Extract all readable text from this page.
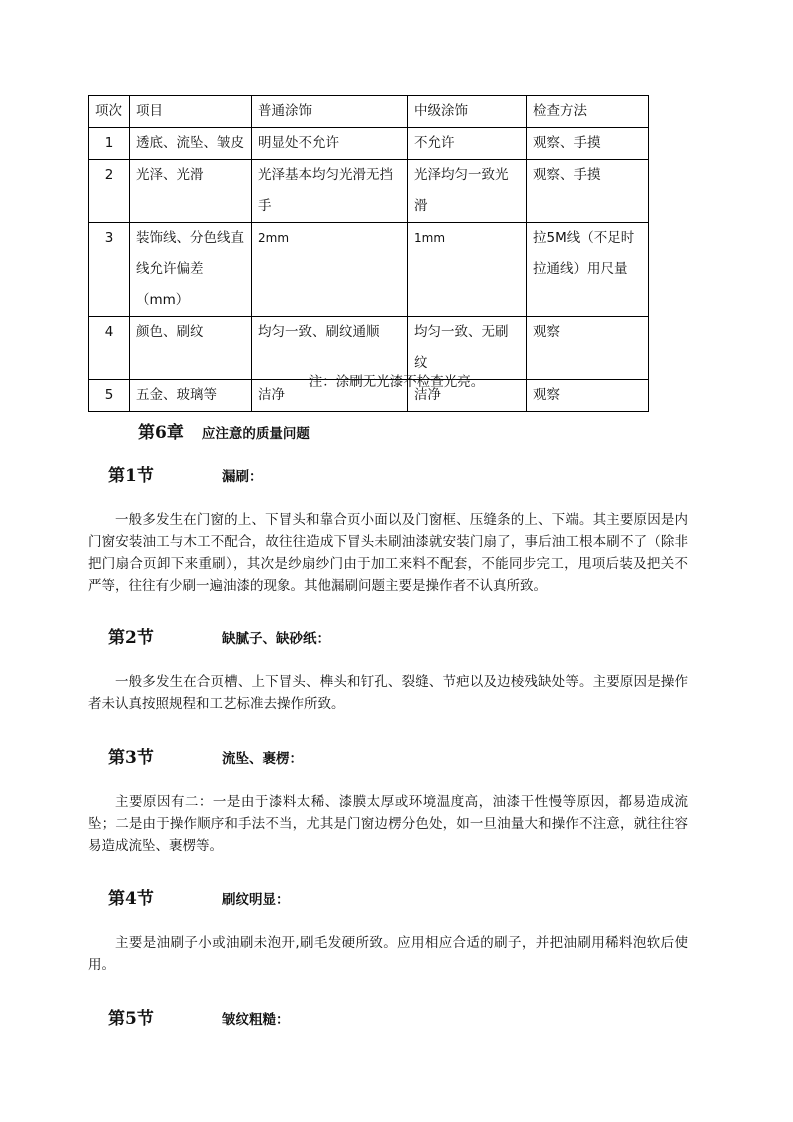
项次	项目	普通涂饰	中级涂饰	检查方法
1	透底、流坠、皱皮	明显处不允许	不允许	观察、手摸
2	光泽、光滑	光泽基本均匀光滑无挡手	光泽均匀一致光滑	观察、手摸
3	装饰线、分色线直线允许偏差（mm）	2mm	1mm	拉5M线（不足时拉通线）用尺量
4	颜色、刷纹	均匀一致、刷纹通顺	均匀一致、无刷纹	观察
5	五金、玻璃等	洁净	洁净	观察
注：涂刷无光漆不检查光亮。
第6章 应注意的质量问题
第1节	漏刷：
一般多发生在门窗的上、下冒头和靠合页小面以及门窗框、压缝条的上、下端。其主要原因是内门窗安装油工与木工不配合，故往往造成下冒头未刷油漆就安装门扇了，事后油工根本刷不了（除非把门扇合页卸下来重刷），其次是纱扇纱门由于加工来料不配套，不能同步完工，甩项后装及把关不严等，往往有少刷一遍油漆的现象。其他漏刷问题主要是操作者不认真所致。
第2节	缺腻子、缺砂纸：
一般多发生在合页槽、上下冒头、榫头和钉孔、裂缝、节疤以及边棱残缺处等。主要原因是操作者未认真按照规程和工艺标准去操作所致。
第3节	流坠、裹楞：
主要原因有二：一是由于漆料太稀、漆膜太厚或环境温度高，油漆干性慢等原因，都易造成流坠；二是由于操作顺序和手法不当，尤其是门窗边楞分色处，如一旦油量大和操作不注意，就往往容易造成流坠、裹楞等。
第4节	刷纹明显：
主要是油刷子小或油刷未泡开,刷毛发硬所致。应用相应合适的刷子，并把油刷用稀料泡软后使用。
第5节	皱纹粗糙：
